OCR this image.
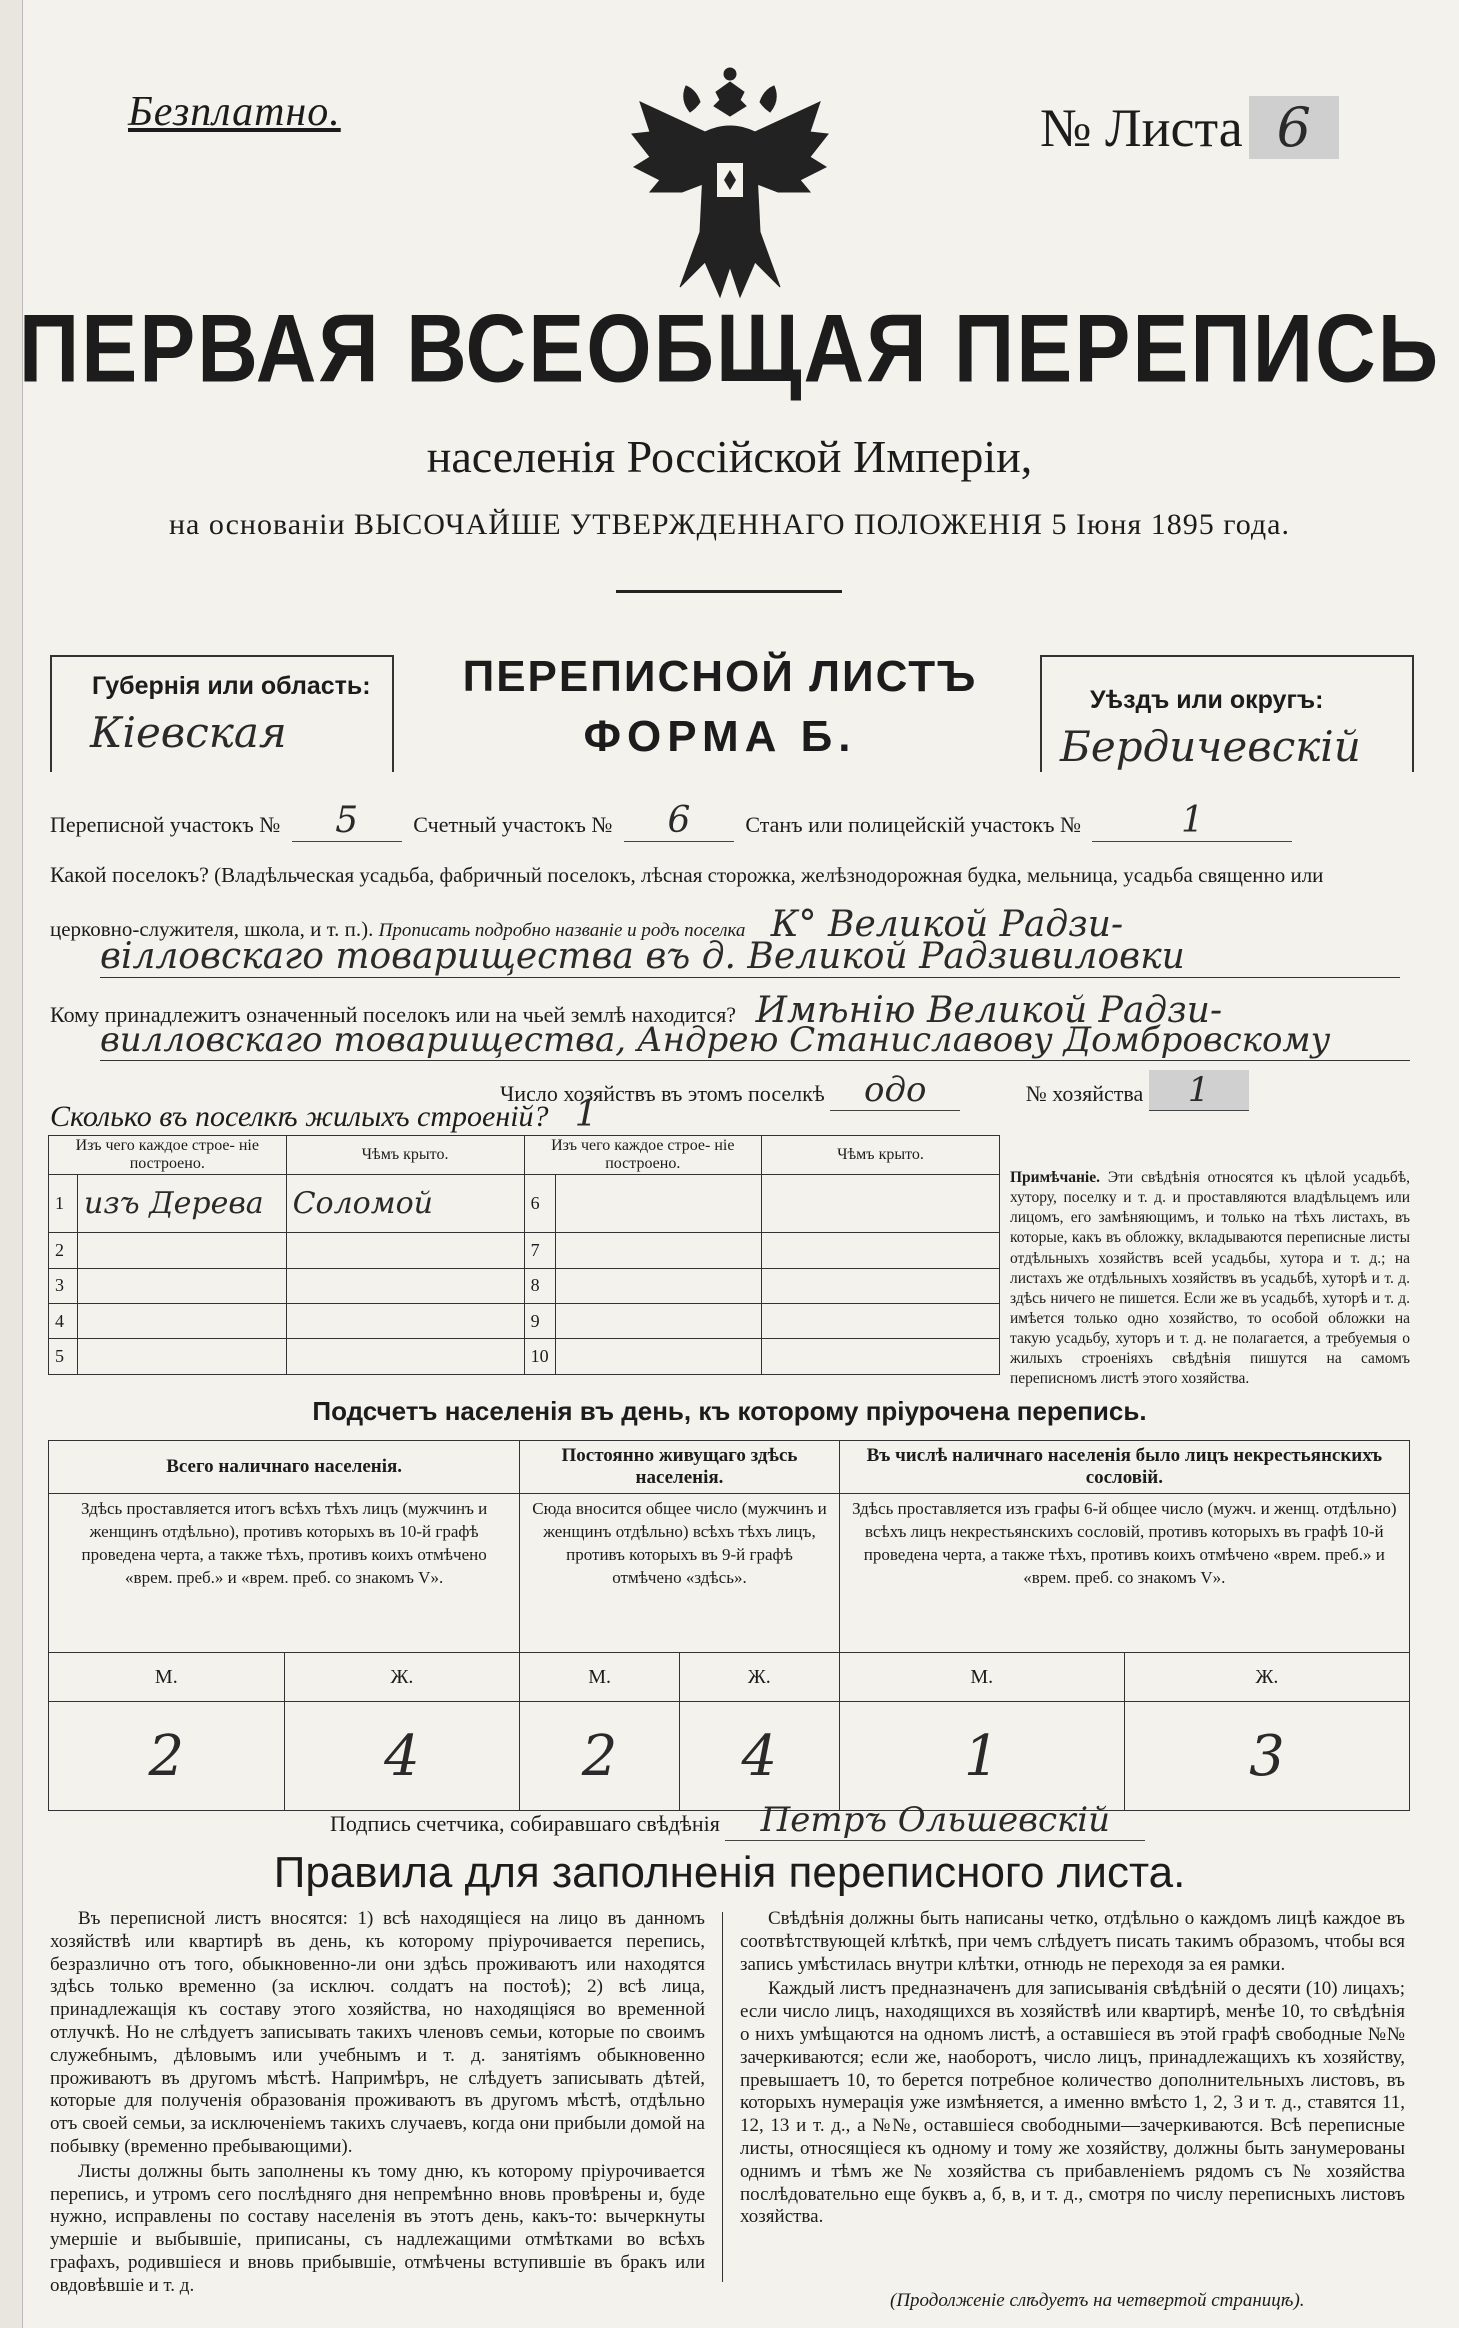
Безплатно.	№ Листа 6
ПЕРВАЯ ВСЕОБЩАЯ ПЕРЕПИСЬ
населенія Россійской Имперіи,
на основаніи ВЫСОЧАЙШЕ УТВЕРЖДЕННАГО ПОЛОЖЕНІЯ 5 Іюня 1895 года.
Губернія или область:
Кіевская
ПЕРЕПИСНОЙ ЛИСТЪ
ФОРМА Б.
Уѣздъ или округъ:
Бердичевскій
Переписной участокъ № 5	Счетный участокъ № 6	Станъ или полицейскій участокъ №	1
Какой поселокъ? (Владѣльческая усадьба, фабричный поселокъ, лѣсная сторожка, желѣзнодорожная будка, мельница, усадьба священно или
церковно-служителя, школа, и т. п.). Прописать подробно названіе и родъ поселка К° Великой Радзи-
вілловскаго товарищества въ д. Великой Радзивиловки
Кому принадлежитъ означенный поселокъ или на чьей землѣ находится? Имѣнію Великой Радзи-
вилловскаго товарищества, Андрею Станиславову Домбровскому
Число хозяйствъ въ этомъ поселкѣ одо	№ хозяйства 1
Сколько въ поселкѣ жилыхъ строеній? 1
Изъ чего каждое строе- ніе построено.		Чѣмъ крыто.	Изъ чего каждое строе- ніе построено.		Чѣмъ крыто.
1	изъ Дерева	Соломой	6		
2			7		
3			8		
4			9		
5			10		
Примѣчаніе. Эти свѣдѣнія относятся къ цѣлой усадьбѣ, хутору, поселку и т. д. и проставляются владѣльцемъ или лицомъ, его замѣняющимъ, и только на тѣхъ листахъ, въ которые, какъ въ обложку, вкладываются переписные листы отдѣльныхъ хозяйствъ всей усадьбы, хутора и т. д.; на листахъ же отдѣльныхъ хозяйствъ въ усадьбѣ, хуторѣ и т. д. здѣсь ничего не пишется. Если же въ усадьбѣ, хуторѣ и т. д. имѣется только одно хозяйство, то особой обложки на такую усадьбу, хуторъ и т. д. не полагается, а требуемыя о жилыхъ строеніяхъ свѣдѣнія пишутся на самомъ переписномъ листѣ этого хозяйства.
Подсчетъ населенія въ день, къ которому пріурочена перепись.
Всего наличнаго населенія.		Постоянно живущаго здѣсь населенія.		Въ числѣ наличнаго населенія было лицъ некрестьянскихъ сословій.	
Здѣсь проставляется итогъ всѣхъ тѣхъ лицъ (мужчинъ и женщинъ отдѣльно), противъ которыхъ въ 10-й графѣ проведена черта, а также тѣхъ, противъ коихъ отмѣчено «врем. преб.» и «врем. преб. со знакомъ V».		Сюда вносится общее число (мужчинъ и женщинъ отдѣльно) всѣхъ тѣхъ лицъ, противъ которыхъ въ 9-й графѣ отмѣчено «здѣсь».		Здѣсь проставляется изъ графы 6-й общее число (мужч. и женщ. отдѣльно) всѣхъ лицъ некрестьянскихъ сословій, противъ которыхъ въ графѣ 10-й проведена черта, а также тѣхъ, противъ коихъ отмѣчено «врем. преб.» и «врем. преб. со знакомъ V».	
М.	Ж.	М.	Ж.	М.	Ж.
2	4	2	4	1	3
Подпись счетчика, собиравшаго свѣдѣнія Петръ Ольшевскій
Правила для заполненія переписного листа.

Въ переписной листъ вносятся: 1) всѣ находящіеся на лицо въ данномъ хозяйствѣ или квартирѣ въ день, къ которому пріурочивается перепись, безразлично отъ того, обыкновенно-ли они здѣсь проживаютъ или находятся здѣсь только временно (за исключ. солдатъ на постоѣ); 2) всѣ лица, принадлежащія къ составу этого хозяйства, но находящіяся во временной отлучкѣ. Но не слѣдуетъ записывать такихъ членовъ семьи, которые по своимъ служебнымъ, дѣловымъ или учебнымъ и т. д. занятіямъ обыкновенно проживаютъ въ другомъ мѣстѣ. Напримѣръ, не слѣдуетъ записывать дѣтей, которые для полученія образованія проживаютъ въ другомъ мѣстѣ, отдѣльно отъ своей семьи, за исключеніемъ такихъ случаевъ, когда они прибыли домой на побывку (временно пребывающими).

Листы должны быть заполнены къ тому дню, къ которому пріурочивается перепись, и утромъ сего послѣдняго дня непремѣнно вновь провѣрены и, буде нужно, исправлены по составу населенія въ этотъ день, какъ-то: вычеркнуты умершіе и выбывшіе, приписаны, съ надлежащими отмѣтками во всѣхъ графахъ, родившіеся и вновь прибывшіе, отмѣчены вступившіе въ бракъ или овдовѣвшіе и т. д.

Свѣдѣнія должны быть написаны четко, отдѣльно о каждомъ лицѣ каждое въ соотвѣтствующей клѣткѣ, при чемъ слѣдуетъ писать такимъ образомъ, чтобы вся запись умѣстилась внутри клѣтки, отнюдь не переходя за ея рамки.

Каждый листъ предназначенъ для записыванія свѣдѣній о десяти (10) лицахъ; если число лицъ, находящихся въ хозяйствѣ или квартирѣ, менѣе 10, то свѣдѣнія о нихъ умѣщаются на одномъ листѣ, а оставшіеся въ этой графѣ свободные №№ зачеркиваются; если же, наоборотъ, число лицъ, принадлежащихъ къ хозяйству, превышаетъ 10, то берется потребное количество дополнительныхъ листовъ, въ которыхъ нумерація уже измѣняется, а именно вмѣсто 1, 2, 3 и т. д., ставятся 11, 12, 13 и т. д., а №№, оставшіеся свободными—зачеркиваются. Всѣ переписные листы, относящіеся къ одному и тому же хозяйству, должны быть занумерованы однимъ и тѣмъ же № хозяйства съ прибавленіемъ рядомъ съ № хозяйства послѣдовательно еще буквъ а, б, в, и т. д., смотря по числу переписныхъ листовъ хозяйства.

(Продолженіе слѣдуетъ на четвертой страницѣ).
